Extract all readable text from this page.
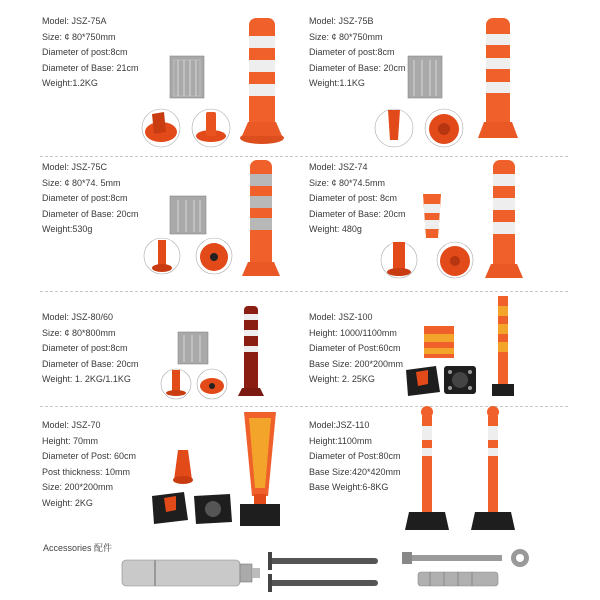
Model: JSZ-75A
Size: ¢ 80*750mm
Diameter of post:8cm
Diameter of Base: 21cm
Weight:1.2KG
Model: JSZ-75B
Size: ¢ 80*750mm
Diameter of post:8cm
Diameter of Base: 20cm
Weight:1.1KG
Model: JSZ-75C
Size: ¢ 80*74. 5mm
Diameter of post:8cm
Diameter of Base: 20cm
Weight:530g
Model: JSZ-74
Size: ¢ 80*74.5mm
Diameter of post: 8cm
Diameter of Base: 20cm
Weight: 480g
Model: JSZ-80/60
Size: ¢ 80*800mm
Diameter of post:8cm
Diameter of Base: 20cm
Weight: 1. 2KG/1.1KG
Model: JSZ-100
Height: 1000/1100mm
Diameter of Post:60cm
Base Size: 200*200mm
Weight: 2. 25KG
Model: JSZ-70
Height: 70mm
Diameter of Post: 60cm
Post thickness: 10mm
Size: 200*200mm
Weight: 2KG
Model:JSZ-110
Height:1100mm
Diameter of Post:80cm
Base Size:420*420mm
Base Weight:6-8KG
Accessories 配件
